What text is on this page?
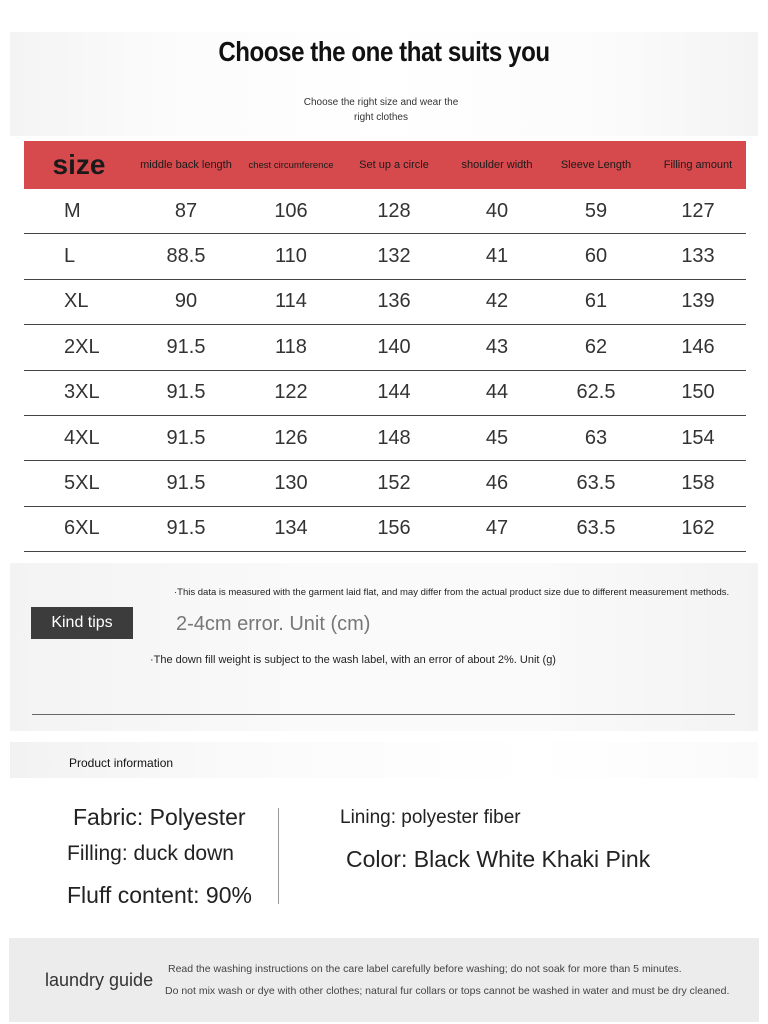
Choose the one that suits you
Choose the right size and wear the right clothes
size	middle back length	chest circumference	Set up a circle	shoulder width	Sleeve Length	Filling amount
M	87	106	128	40	59	127
L	88.5	110	132	41	60	133
XL	90	114	136	42	61	139
2XL	91.5	118	140	43	62	146
3XL	91.5	122	144	44	62.5	150
4XL	91.5	126	148	45	63	154
5XL	91.5	130	152	46	63.5	158
6XL	91.5	134	156	47	63.5	162
Kind tips
·This data is measured with the garment laid flat, and may differ from the actual product size due to different measurement methods.
2-4cm error. Unit (cm)
·The down fill weight is subject to the wash label, with an error of about 2%. Unit (g)
Product information
Fabric: Polyester
Filling: duck down
Fluff content: 90%
Lining: polyester fiber
Color: Black White Khaki Pink
laundry guide
Read the washing instructions on the care label carefully before washing; do not soak for more than 5 minutes.
Do not mix wash or dye with other clothes; natural fur collars or tops cannot be washed in water and must be dry cleaned.
